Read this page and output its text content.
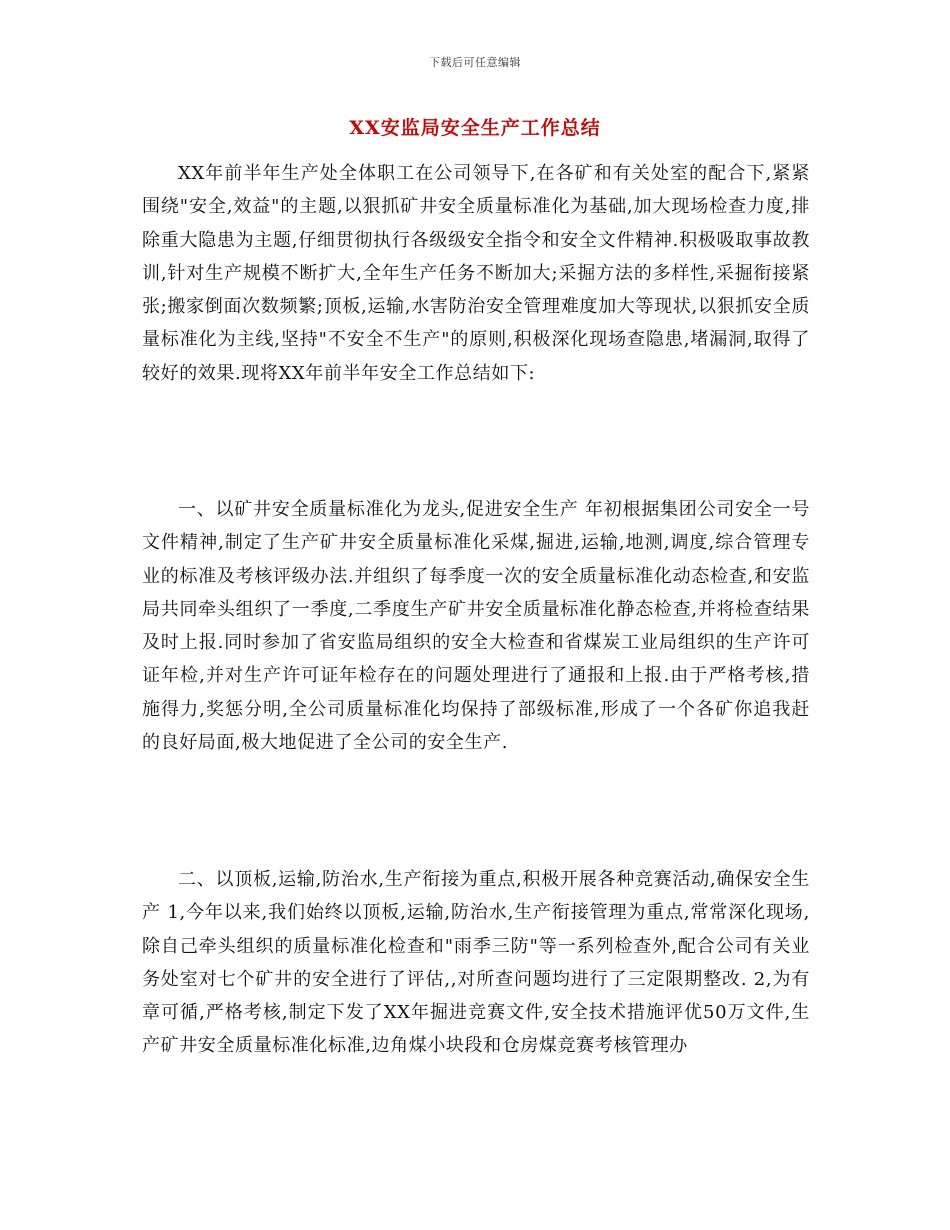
下载后可任意编辑
XX安监局安全生产工作总结

XX年前半年生产处全体职工在公司领导下,在各矿和有关处室的配合下,紧紧围绕"安全,效益"的主题,以狠抓矿井安全质量标准化为基础,加大现场检查力度,排除重大隐患为主题,仔细贯彻执行各级级安全指令和安全文件精神.积极吸取事故教训,针对生产规模不断扩大,全年生产任务不断加大;采掘方法的多样性,采掘衔接紧张;搬家倒面次数频繁;顶板,运输,水害防治安全管理难度加大等现状,以狠抓安全质量标准化为主线,坚持"不安全不生产"的原则,积极深化现场查隐患,堵漏洞,取得了较好的效果.现将XX年前半年安全工作总结如下:

一、以矿井安全质量标准化为龙头,促进安全生产 年初根据集团公司安全一号文件精神,制定了生产矿井安全质量标准化采煤,掘进,运输,地测,调度,综合管理专业的标准及考核评级办法.并组织了每季度一次的安全质量标准化动态检查,和安监局共同牵头组织了一季度,二季度生产矿井安全质量标准化静态检查,并将检查结果及时上报.同时参加了省安监局组织的安全大检查和省煤炭工业局组织的生产许可证年检,并对生产许可证年检存在的问题处理进行了通报和上报.由于严格考核,措施得力,奖惩分明,全公司质量标准化均保持了部级标准,形成了一个各矿你追我赶的良好局面,极大地促进了全公司的安全生产.

二、以顶板,运输,防治水,生产衔接为重点,积极开展各种竞赛活动,确保安全生产 1,今年以来,我们始终以顶板,运输,防治水,生产衔接管理为重点,常常深化现场,除自己牵头组织的质量标准化检查和"雨季三防"等一系列检查外,配合公司有关业务处室对七个矿井的安全进行了评估,,对所查问题均进行了三定限期整改. 2,为有章可循,严格考核,制定下发了XX年掘进竞赛文件,安全技术措施评优50万文件,生产矿井安全质量标准化标准,边角煤小块段和仓房煤竞赛考核管理办
